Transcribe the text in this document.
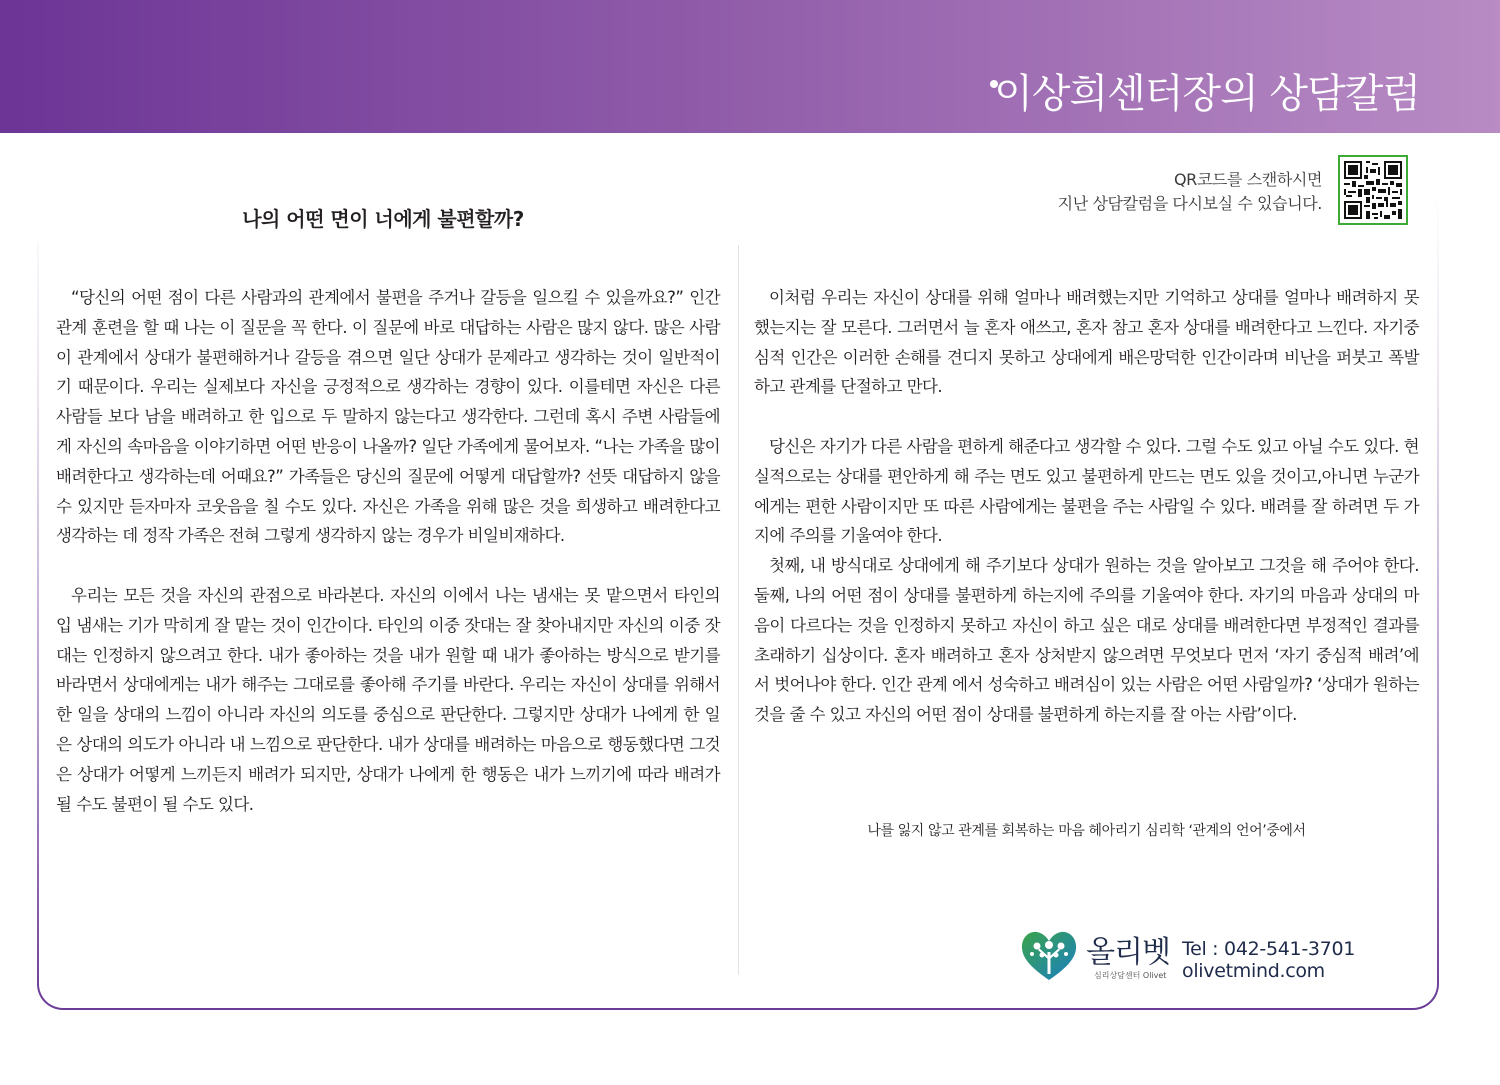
이상희센터장의 상담칼럼
나의 어떤 면이 너에게 불편할까?
QR코드를 스캔하시면
지난 상담칼럼을 다시보실 수 있습니다.

“당신의 어떤 점이 다른 사람과의 관계에서 불편을 주거나 갈등을 일으킬 수 있을까요?” 인간관계 훈련을 할 때 나는 이 질문을 꼭 한다. 이 질문에 바로 대답하는 사람은 많지 않다. 많은 사람이 관계에서 상대가 불편해하거나 갈등을 겪으면 일단 상대가 문제라고 생각하는 것이 일반적이기 때문이다. 우리는 실제보다 자신을 긍정적으로 생각하는 경향이 있다. 이를테면 자신은 다른 사람들 보다 남을 배려하고 한 입으로 두 말하지 않는다고 생각한다. 그런데 혹시 주변 사람들에게 자신의 속마음을 이야기하면 어떤 반응이 나올까? 일단 가족에게 물어보자. “나는 가족을 많이 배려한다고 생각하는데 어때요?” 가족들은 당신의 질문에 어떻게 대답할까? 선뜻 대답하지 않을 수 있지만 듣자마자 코웃음을 칠 수도 있다. 자신은 가족을 위해 많은 것을 희생하고 배려한다고 생각하는 데 정작 가족은 전혀 그렇게 생각하지 않는 경우가 비일비재하다.

우리는 모든 것을 자신의 관점으로 바라본다. 자신의 이에서 나는 냄새는 못 맡으면서 타인의 입 냄새는 기가 막히게 잘 맡는 것이 인간이다. 타인의 이중 잣대는 잘 찾아내지만 자신의 이중 잣대는 인정하지 않으려고 한다. 내가 좋아하는 것을 내가 원할 때 내가 좋아하는 방식으로 받기를 바라면서 상대에게는 내가 해주는 그대로를 좋아해 주기를 바란다. 우리는 자신이 상대를 위해서 한 일을 상대의 느낌이 아니라 자신의 의도를 중심으로 판단한다. 그렇지만 상대가 나에게 한 일은 상대의 의도가 아니라 내 느낌으로 판단한다. 내가 상대를 배려하는 마음으로 행동했다면 그것은 상대가 어떻게 느끼든지 배려가 되지만, 상대가 나에게 한 행동은 내가 느끼기에 따라 배려가 될 수도 불편이 될 수도 있다.

이처럼 우리는 자신이 상대를 위해 얼마나 배려했는지만 기억하고 상대를 얼마나 배려하지 못했는지는 잘 모른다. 그러면서 늘 혼자 애쓰고, 혼자 참고 혼자 상대를 배려한다고 느낀다. 자기중심적 인간은 이러한 손해를 견디지 못하고 상대에게 배은망덕한 인간이라며 비난을 퍼붓고 폭발하고 관계를 단절하고 만다.

당신은 자기가 다른 사람을 편하게 해준다고 생각할 수 있다. 그럴 수도 있고 아닐 수도 있다. 현실적으로는 상대를 편안하게 해 주는 면도 있고 불편하게 만드는 면도 있을 것이고,아니면 누군가에게는 편한 사람이지만 또 따른 사람에게는 불편을 주는 사람일 수 있다. 배려를 잘 하려면 두 가지에 주의를 기울여야 한다.

첫째, 내 방식대로 상대에게 해 주기보다 상대가 원하는 것을 알아보고 그것을 해 주어야 한다. 둘째, 나의 어떤 점이 상대를 불편하게 하는지에 주의를 기울여야 한다. 자기의 마음과 상대의 마음이 다르다는 것을 인정하지 못하고 자신이 하고 싶은 대로 상대를 배려한다면 부정적인 결과를 초래하기 십상이다. 혼자 배려하고 혼자 상처받지 않으려면 무엇보다 먼저 ‘자기 중심적 배려’에서 벗어나야 한다. 인간 관계 에서 성숙하고 배려심이 있는 사람은 어떤 사람일까? ‘상대가 원하는 것을 줄 수 있고 자신의 어떤 점이 상대를 불편하게 하는지를 잘 아는 사람’이다.

나를 잃지 않고 관계를 회복하는 마음 헤아리기 심리학 ‘관계의 언어’중에서
올리벳
심리상담센터 Olivet
Tel : 042-541-3701
olivetmind.com
